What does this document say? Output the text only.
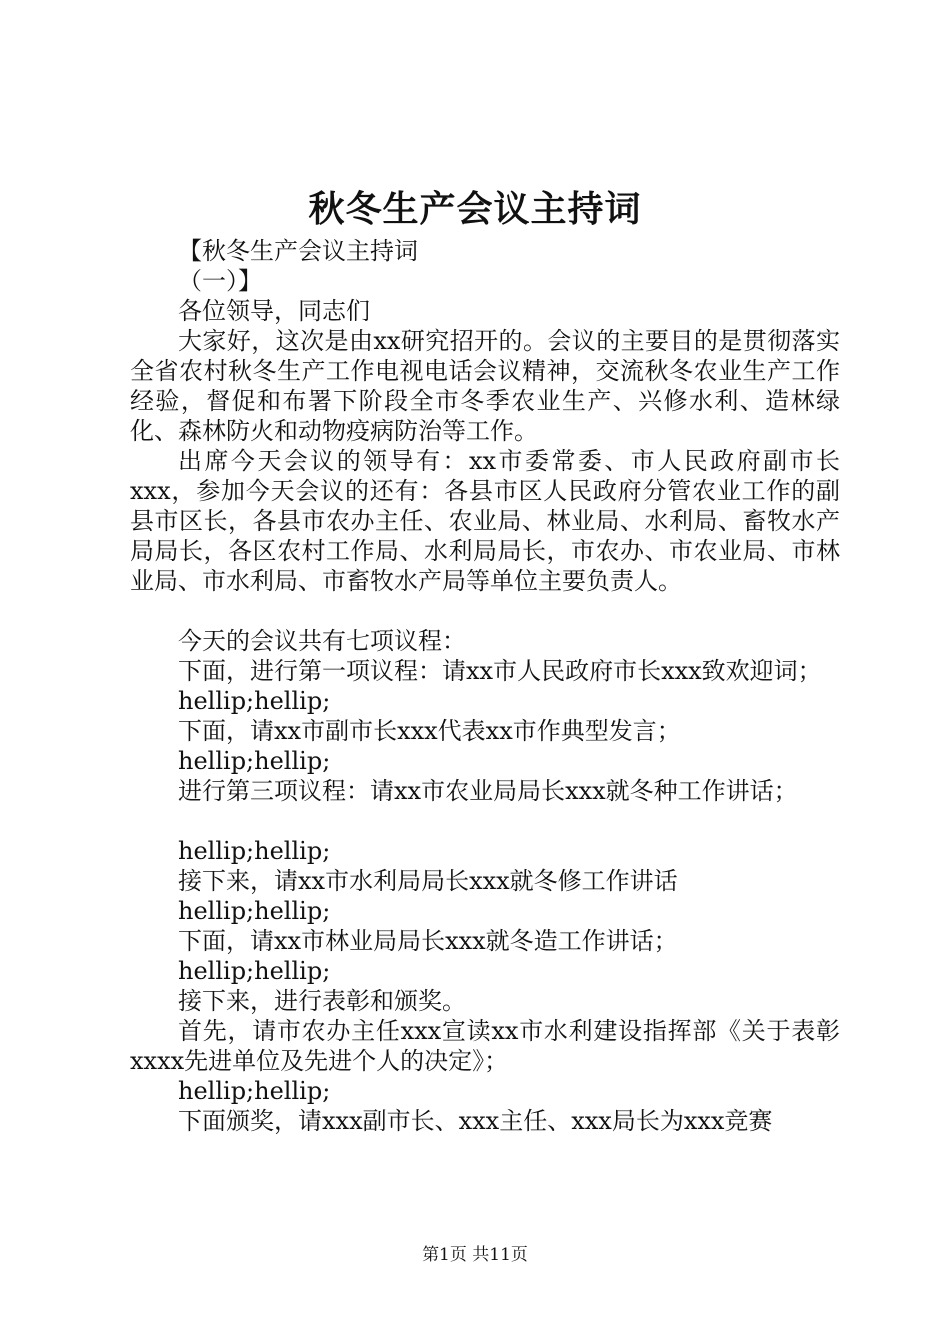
秋冬生产会议主持词

【秋冬生产会议主持词

（一）】

各位领导，同志们

大家好，这次是由xx研究招开的。会议的主要目的是贯彻落实全省农村秋冬生产工作电视电话会议精神，交流秋冬农业生产工作经验，督促和布署下阶段全市冬季农业生产、兴修水利、造林绿化、森林防火和动物疫病防治等工作。

出席今天会议的领导有：xx市委常委、市人民政府副市长xxx，参加今天会议的还有：各县市区人民政府分管农业工作的副县市区长，各县市农办主任、农业局、林业局、水利局、畜牧水产局局长，各区农村工作局、水利局局长，市农办、市农业局、市林业局、市水利局、市畜牧水产局等单位主要负责人。

今天的会议共有七项议程：

下面，进行第一项议程：请xx市人民政府市长xxx致欢迎词；

hellip;hellip;

下面，请xx市副市长xxx代表xx市作典型发言；

hellip;hellip;

进行第三项议程：请xx市农业局局长xxx就冬种工作讲话；

hellip;hellip;

接下来，请xx市水利局局长xxx就冬修工作讲话

hellip;hellip;

下面，请xx市林业局局长xxx就冬造工作讲话；

hellip;hellip;

接下来，进行表彰和颁奖。

首先，请市农办主任xxx宣读xx市水利建设指挥部《关于表彰xxxx先进单位及先进个人的决定》；

hellip;hellip;

下面颁奖，请xxx副市长、xxx主任、xxx局长为xxx竞赛

第1页 共11页
